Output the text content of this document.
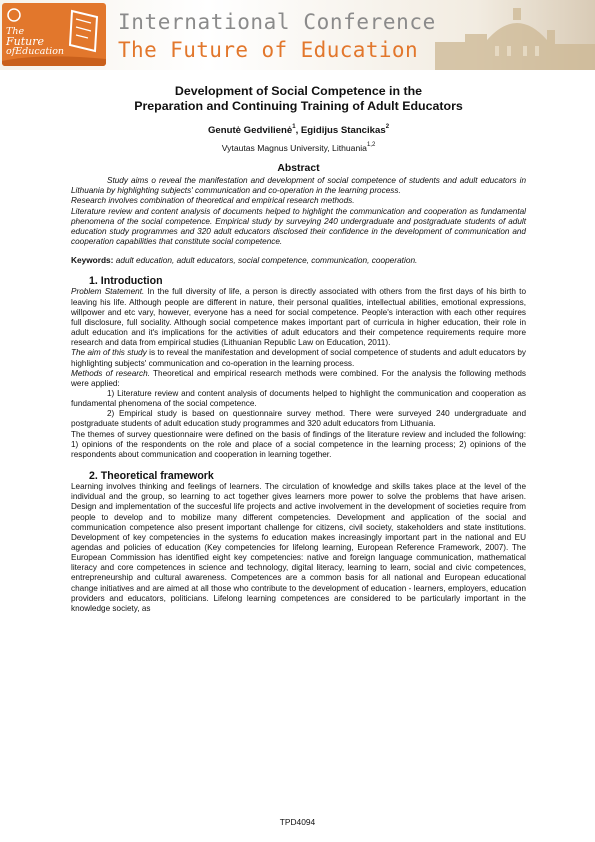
The
Future
ofEducation
International Conference
The Future of Education
Development of Social Competence in the
Preparation and Continuing Training of Adult Educators
Genutė Gedvilienė$^1$, Egidijus Stancikas$^2$
Vytautas Magnus University, Lithuania$^{1,2}$
Abstract

Study aims o reveal the manifestation and development of social competence of students and adult educators in Lithuania by highlighting subjects' communication and co-operation in the learning process.

Research involves combination of theoretical and empirical research methods.

Literature review and content analysis of documents helped to highlight the communication and cooperation as fundamental phenomena of the social competence. Empirical study by surveying 240 undergraduate and postgraduate students of adult education study programmes and 320 adult educators disclosed their confidence in the development of communication and cooperation capabilities that constitute social competence.

Keywords: adult education, adult educators, social competence, communication, cooperation.
1. Introduction

Problem Statement. In the full diversity of life, a person is directly associated with others from the first days of his birth to leaving his life. Although people are different in nature, their personal qualities, intellectual abilities, emotional expressions, willpower and etc vary, however, everyone has a need for social competence. People's interaction with each other requires full disclosure, full sociality. Although social competence makes important part of curricula in higher education, their role in adult education and it's implications for the activities of adult educators and their competence requirements require more research and data from empirical studies (Lithuanian Republic Law on Education, 2011).

The aim of this study is to reveal the manifestation and development of social competence of students and adult educators by highlighting subjects' communication and co-operation in the learning process.

Methods of research. Theoretical and empirical research methods were combined. For the analysis the following methods were applied:

1) Literature review and content analysis of documents helped to highlight the communication and cooperation as fundamental phenomena of the social competence.

2) Empirical study is based on questionnaire survey method. There were surveyed 240 undergraduate and postgraduate students of adult education study programmes and 320 adult educators from Lithuania.

The themes of survey questionnaire were defined on the basis of findings of the literature review and included the following: 1) opinions of the respondents on the role and place of a social competence in the learning process; 2) opinions of the respondents about communication and cooperation in learning together.

2. Theoretical framework

Learning involves thinking and feelings of learners. The circulation of knowledge and skills takes place at the level of the individual and the group, so learning to act together gives learners more power to solve the problems that have arisen. Design and implementation of the succesful life projects and active involvement in the development of societies require from people to develop and to mobilize many different competencies. Development and application of the social and communication competence also present important challenge for citizens, civil society, stakeholders and state institutions. Development of key competencies in the systems fo education makes increasingly important part in the national and EU agendas and policies of education (Key competencies for lifelong learning, European Reference Framework, 2007). The European Commission has identified eight key competencies: native and foreign language communication, mathematical literacy and core competences in science and technology, digital literacy, learning to learn, social and civic competences, entrepreneurship and cultural awareness. Competences are a common basis for all national and European educational change initiatives and are aimed at all those who contribute to the development of education - learners, employers, education providers and educators, politicians. Lifelong learning competences are considered to be particularly important in the knowledge society, as

TPD4094
